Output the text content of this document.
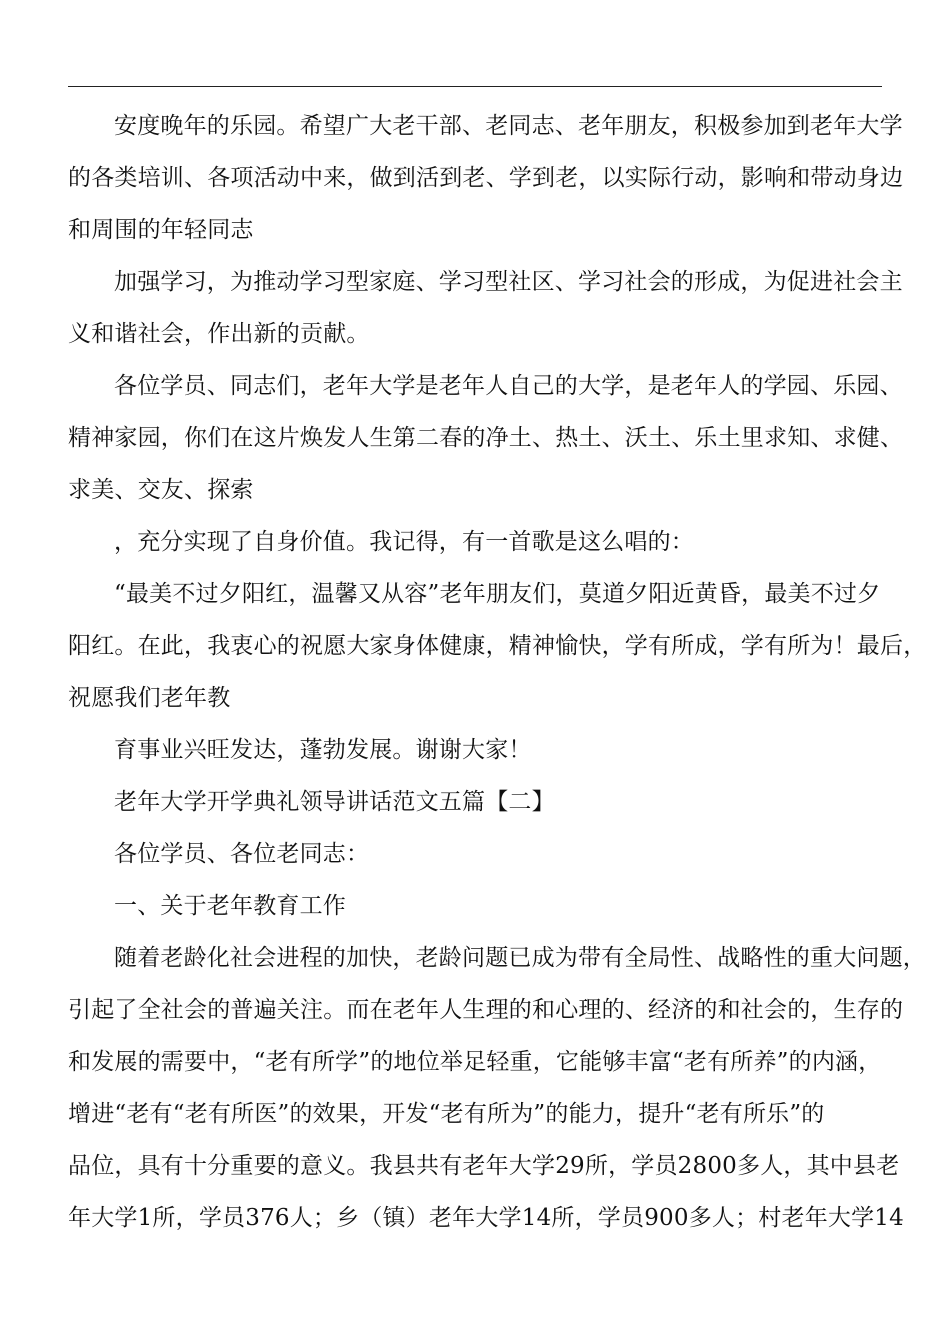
安度晚年的乐园。希望广大老干部、老同志、老年朋友，积极参加到老年大学
的各类培训、各项活动中来，做到活到老、学到老，以实际行动，影响和带动身边
和周围的年轻同志

加强学习，为推动学习型家庭、学习型社区、学习社会的形成，为促进社会主
义和谐社会，作出新的贡献。

各位学员、同志们，老年大学是老年人自己的大学，是老年人的学园、乐园、
精神家园，你们在这片焕发人生第二春的净土、热土、沃土、乐土里求知、求健、
求美、交友、探索

，充分实现了自身价值。我记得，有一首歌是这么唱的：

“最美不过夕阳红，温馨又从容”老年朋友们，莫道夕阳近黄昏，最美不过夕
阳红。在此，我衷心的祝愿大家身体健康，精神愉快，学有所成，学有所为！最后，
祝愿我们老年教

育事业兴旺发达，蓬勃发展。谢谢大家！

老年大学开学典礼领导讲话范文五篇【二】

各位学员、各位老同志：

一、关于老年教育工作

随着老龄化社会进程的加快，老龄问题已成为带有全局性、战略性的重大问题，
引起了全社会的普遍关注。而在老年人生理的和心理的、经济的和社会的，生存的
和发展的需要中，“老有所学”的地位举足轻重，它能够丰富“老有所养”的内涵，
增进“老有“老有所医”的效果，开发“老有所为”的能力，提升“老有所乐”的
品位，具有十分重要的意义。我县共有老年大学29所，学员2800多人，其中县老
年大学1所，学员376人；乡（镇）老年大学14所，学员900多人；村老年大学14
